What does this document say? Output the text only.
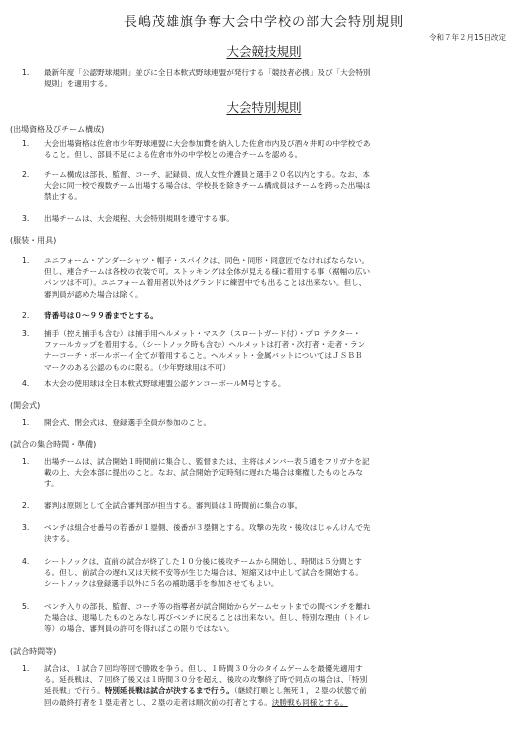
長嶋茂雄旗争奪大会中学校の部大会特別規則
令和７年２月15日改定
大会競技規則
1.	最新年度「公認野球規則」並びに全日本軟式野球連盟が発行する「競技者必携」及び「大会特別
規則」を適用する。
大会特別規則
(出場資格及びチーム構成)
1.	大会出場資格は佐倉市少年野球連盟に大会参加費を納入した佐倉市内及び酒々井町の中学校であ
ること。但し、部員不足による佐倉市外の中学校との連合チームを認める。
2.	チーム構成は部長、監督、コーチ、記録員、成人女性介護員と選手２０名以内とする。なお、本
大会に同一校で複数チーム出場する場合は、学校長を除きチーム構成員はチームを跨った出場は
禁止する。
3.	出場チームは、大会規程、大会特別規則を遵守する事。
(服装・用具)
1.	ユニフォーム・アンダーシャツ・帽子・スパイクは、同色・同形・同意匠でなければならない。
但し、連合チームは各校の衣装で可。ストッキングは全体が見える様に着用する事（裾幅の広い
パンツは不可）。ユニフォーム着用者以外はグランドに練習中でも出ることは出来ない。但し、
審判員が認めた場合は除く。
2.	背番号は０～９９番までとする。
3.	捕手（控え捕手も含む）は捕手用ヘルメット・マスク（スロートガード付）・プロ テクター・
ファールカップを着用する。（シートノック時も含む）ヘルメットは打者・次打者・走者・ラン
ナーコーチ・ボールボーイ全てが着用すること。ヘルメット・金属バットについてはＪＳＢＢ
マークのある公認のものに限る。（少年野球用は不可）
4.	本大会の使用球は全日本軟式野球連盟公認ケンコーボールM号とする。
(開会式)
1.	開会式、閉会式は、登録選手全員が参加のこと。
(試合の集合時間・準備)
1.	出場チームは、試合開始１時間前に集合し、監督または、主将はメンバー表５通をフリガナを記
載の上、大会本部に提出のこと。なお、試合開始予定時刻に遅れた場合は棄権したものとみな
す。
2.	審判は原則として全試合審判部が担当する。審判員は１時間前に集合の事。
3.	ベンチは組合せ番号の若番が１塁側、後番が３塁側とする。攻撃の先攻・後攻はじゃんけんで先
決する。
4.	シートノックは、直前の試合が終了した１０分後に後攻チームから開始し、時間は５分間とす
る。但し、前試合の遅れ又は天候不安等が生じた場合は、短縮又は中止して試合を開始する。
シートノックは登録選手以外に５名の補助選手を参加させてもよい。
5.	ベンチ入りの部長、監督、コーチ等の指導者が試合開始からゲームセットまでの間ベンチを離れ
た場合は、退場したものとみなし再びベンチに戻ることは出来ない。但し、特別な理由（トイレ
等）の場合、審判員の許可を得ればこの限りではない。
(試合時間等)
1.	試合は、１試合７回均等回で勝敗を争う。但し、１時間３０分のタイムゲームを最優先適用す
る。延長戦は、７回終了後又は１時間３０分を超え、後攻の攻撃終了時で同点の場合は、「特別
延長戦」で行う。特別延長戦は試合が決するまで行う。（継続打順とし無死１，２塁の状態で前
回の最終打者を１塁走者とし、２塁の走者は順次前の打者とする。決勝戦も同様とする。
